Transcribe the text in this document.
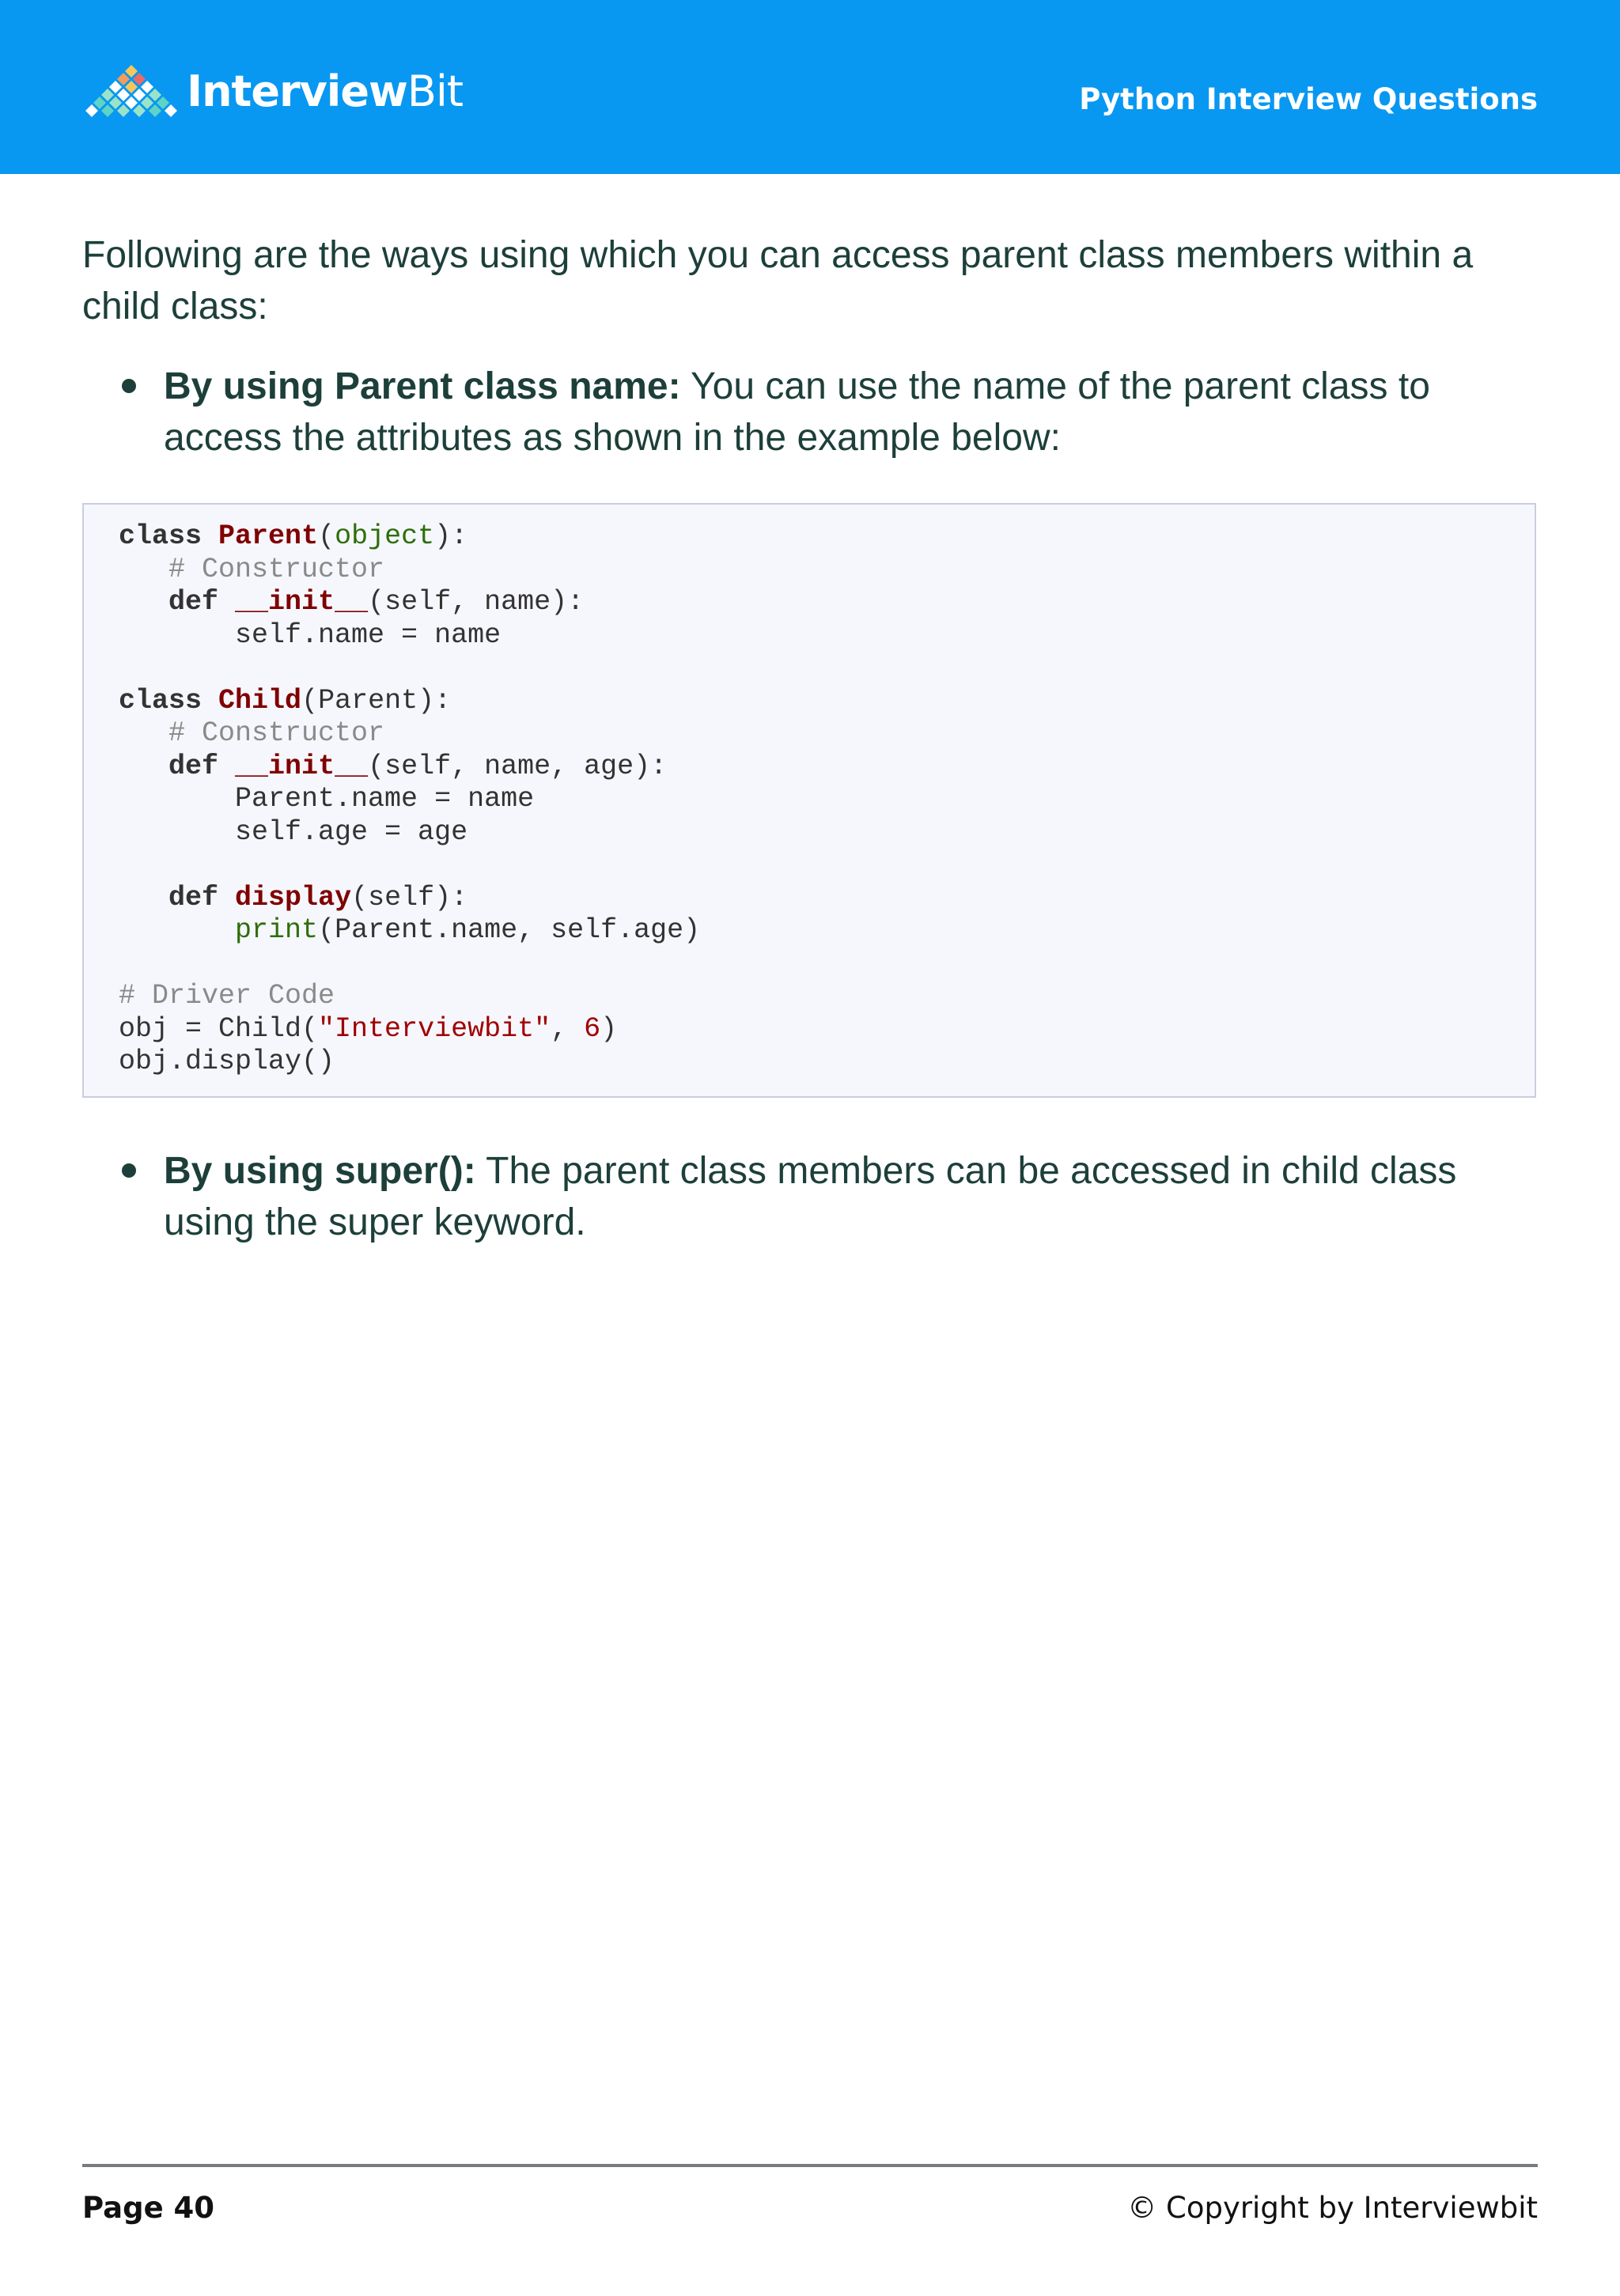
InterviewBit	Python Interview Questions

Following are the ways using which you can access parent class members within a child class:

By using Parent class name: You can use the name of the parent class to access the attributes as shown in the example below:

class Parent(object):
# Constructor
def __init__(self, name):
self.name = name

class Child(Parent):
# Constructor
def __init__(self, name, age):
Parent.name = name
self.age = age

def display(self):
print(Parent.name, self.age)

# Driver Code
obj = Child("Interviewbit", 6)
obj.display()

By using super(): The parent class members can be accessed in child class using the super keyword.

Page 40	© Copyright by Interviewbit
